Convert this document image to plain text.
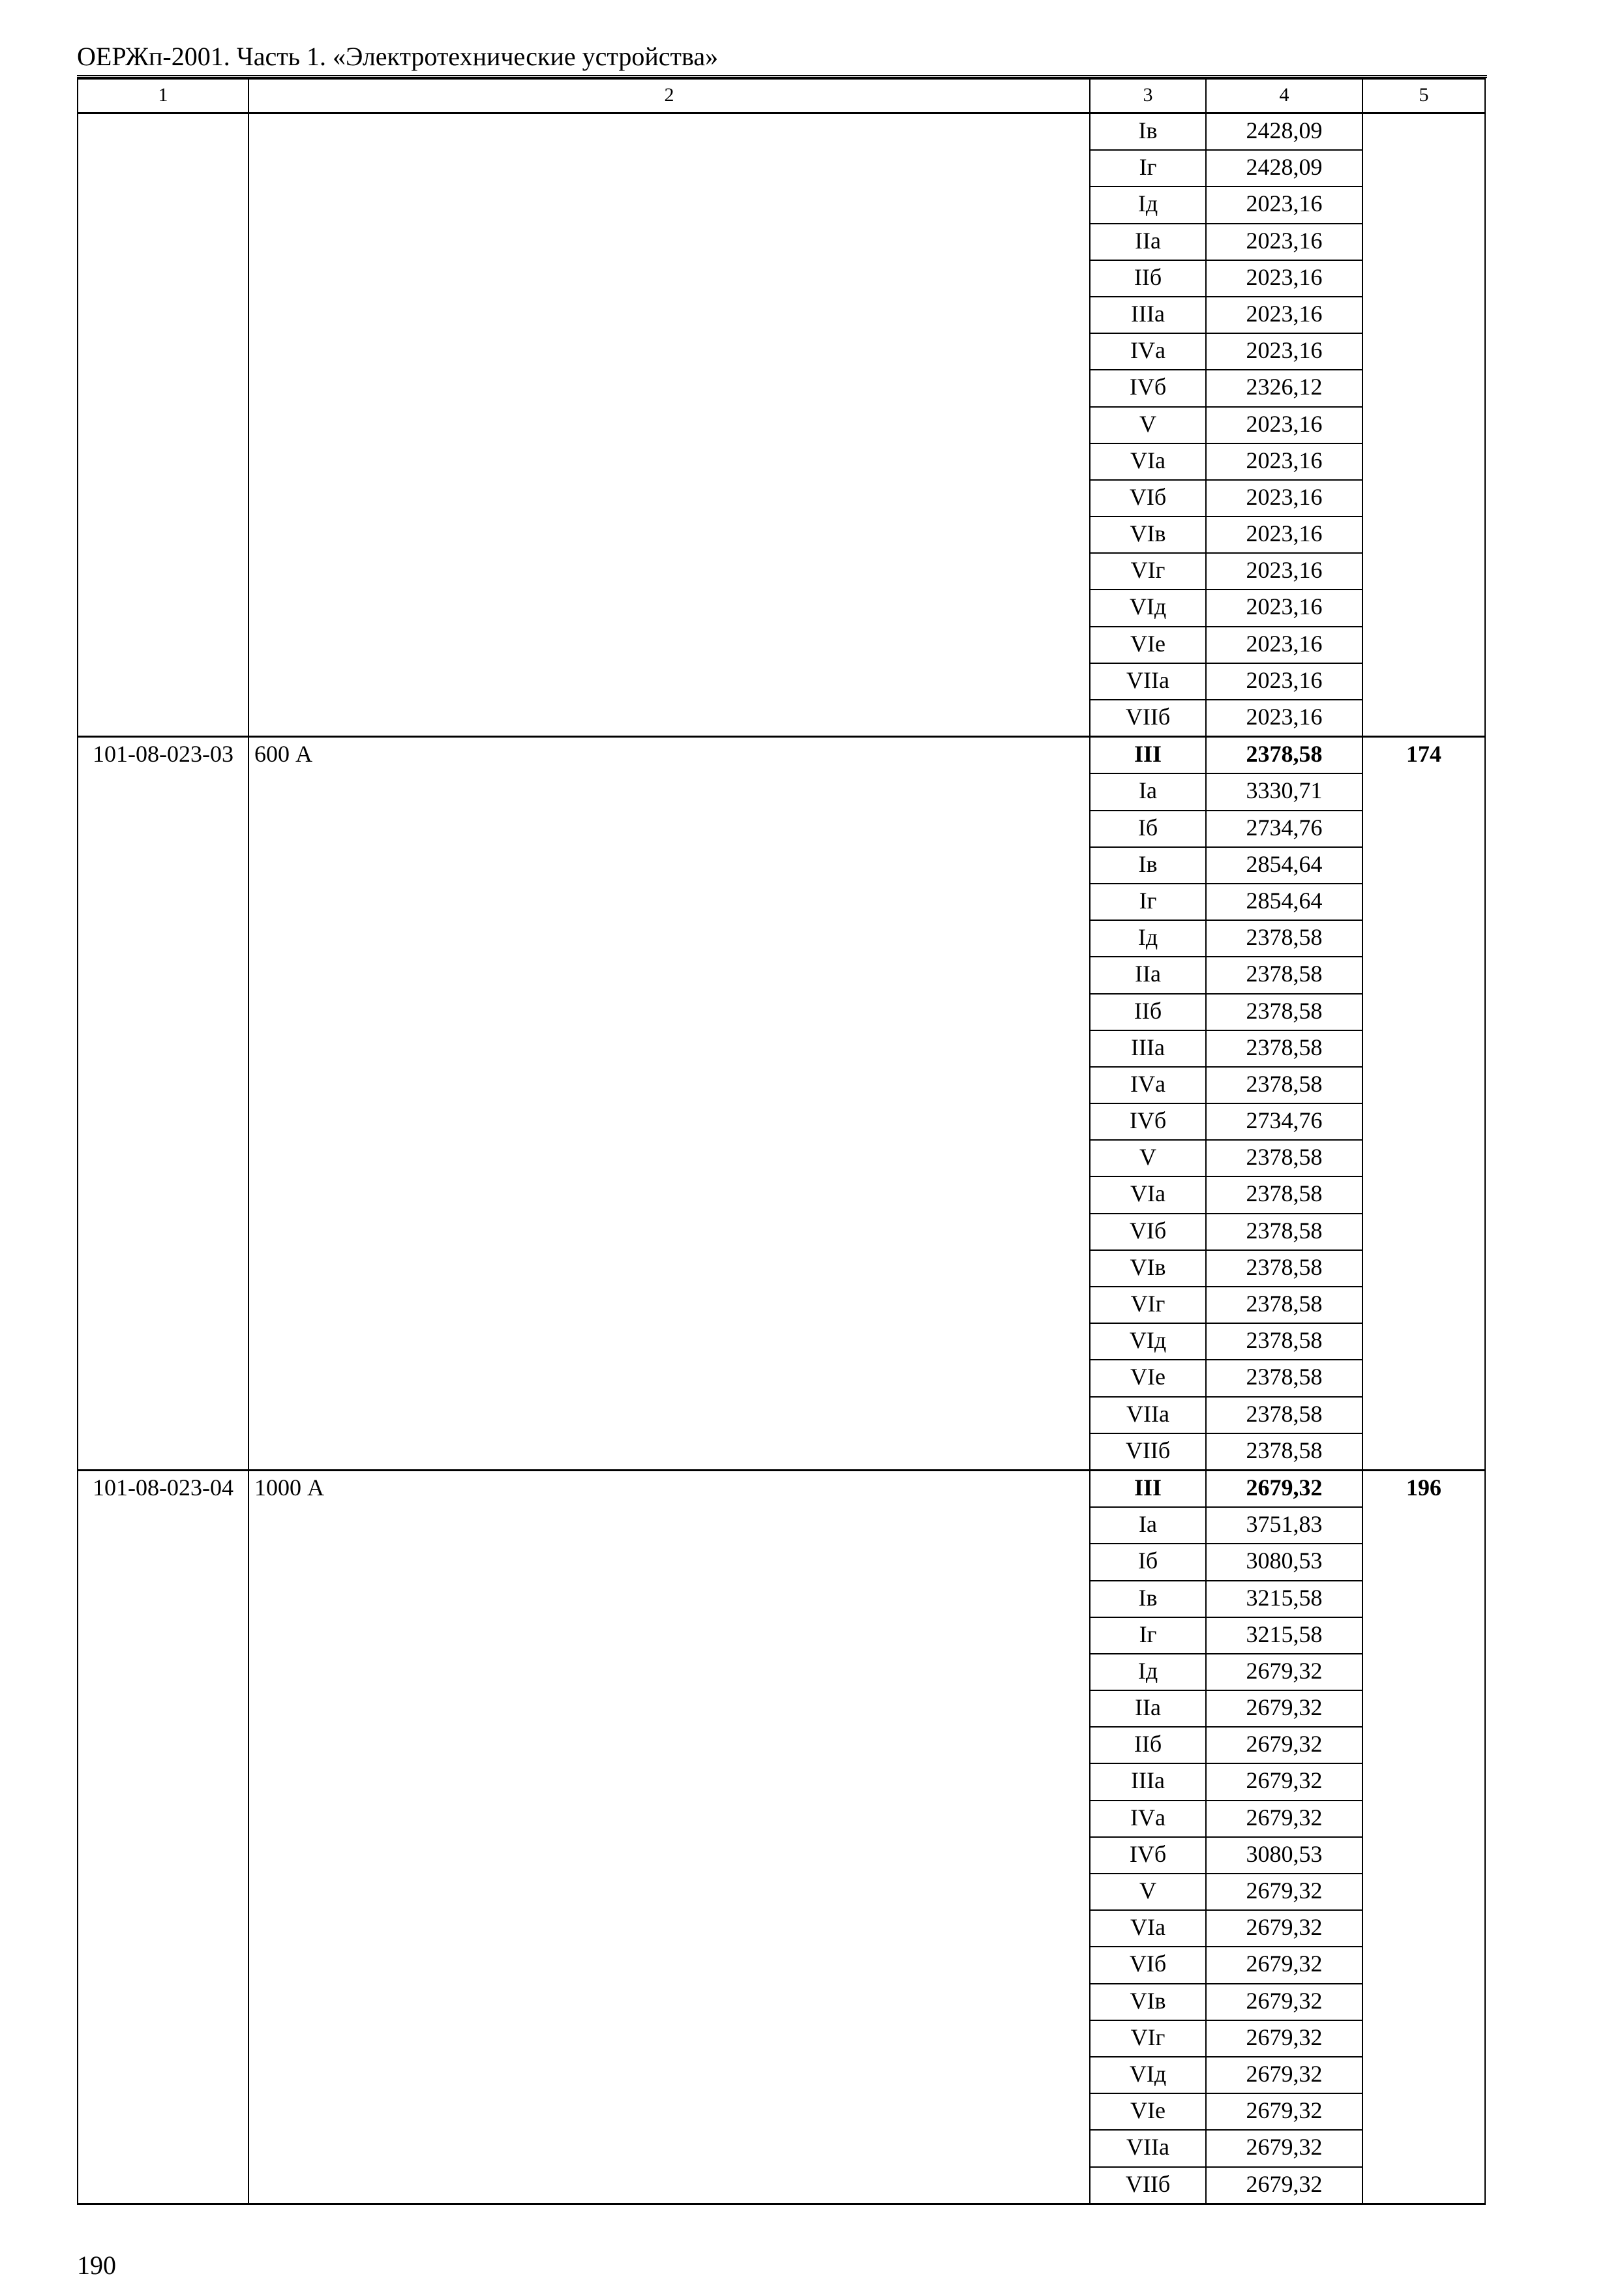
ОЕРЖп-2001. Часть 1. «Электротехнические устройства»
1	2	3	4	5
		Iв	2428,09	
		Iг	2428,09	
		Iд	2023,16	
		IIа	2023,16	
		IIб	2023,16	
		IIIа	2023,16	
		IVа	2023,16	
		IVб	2326,12	
		V	2023,16	
		VIа	2023,16	
		VIб	2023,16	
		VIв	2023,16	
		VIг	2023,16	
		VIд	2023,16	
		VIе	2023,16	
		VIIа	2023,16	
		VIIб	2023,16	
101-08-023-03	600 А	III	2378,58	174
		Iа	3330,71	
		Iб	2734,76	
		Iв	2854,64	
		Iг	2854,64	
		Iд	2378,58	
		IIа	2378,58	
		IIб	2378,58	
		IIIа	2378,58	
		IVа	2378,58	
		IVб	2734,76	
		V	2378,58	
		VIа	2378,58	
		VIб	2378,58	
		VIв	2378,58	
		VIг	2378,58	
		VIд	2378,58	
		VIе	2378,58	
		VIIа	2378,58	
		VIIб	2378,58	
101-08-023-04	1000 А	III	2679,32	196
		Iа	3751,83	
		Iб	3080,53	
		Iв	3215,58	
		Iг	3215,58	
		Iд	2679,32	
		IIа	2679,32	
		IIб	2679,32	
		IIIа	2679,32	
		IVа	2679,32	
		IVб	3080,53	
		V	2679,32	
		VIа	2679,32	
		VIб	2679,32	
		VIв	2679,32	
		VIг	2679,32	
		VIд	2679,32	
		VIе	2679,32	
		VIIа	2679,32	
		VIIб	2679,32	
190
